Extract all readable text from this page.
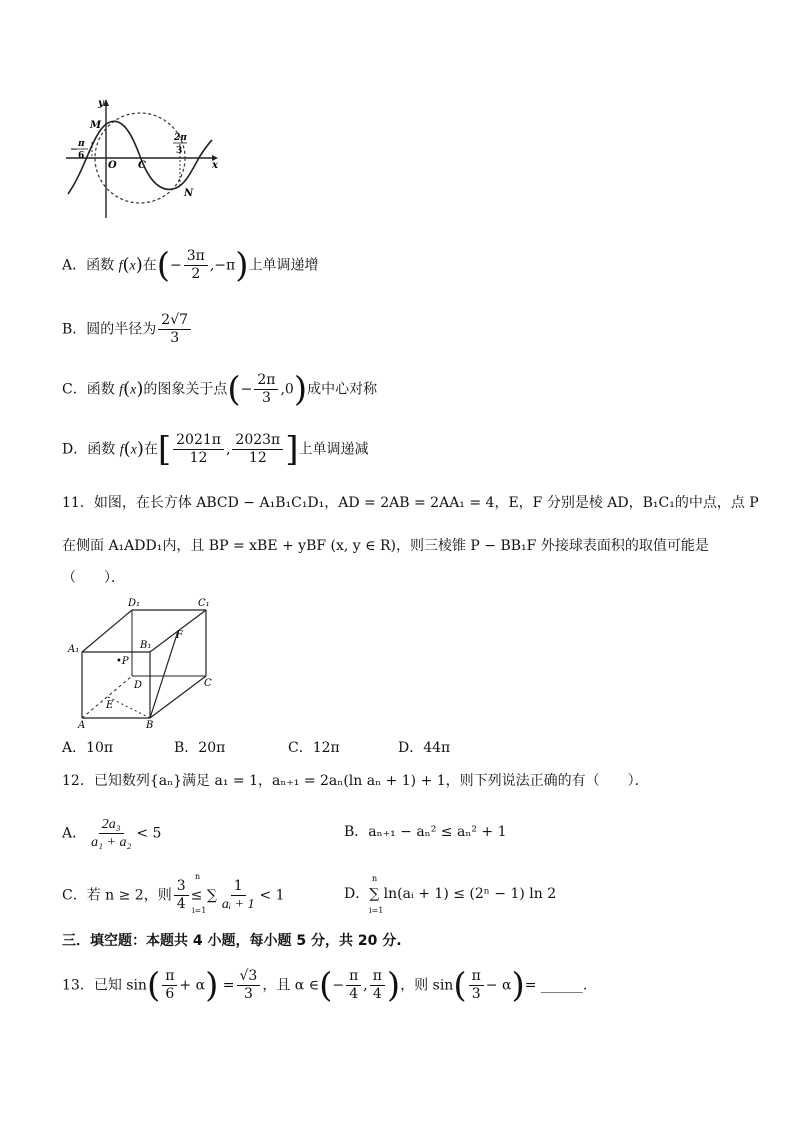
y
M
x
O C
N
−
π
6
2π
3
A．函数 f(x)在(− $\frac{3\pi}{2} ,-\pi$)上单调递增
B．圆的半径为 $\frac{2√7}{3}$
C．函数 f(x)的图象关于点(− $\frac{2\pi}{3} ,0$)成中心对称
D．函数 f(x)在[ $\frac{2021\pi}{12}$ , $\frac{2023\pi}{12}$ ]上单调递减
11．如图，在长方体 ABCD − A₁B₁C₁D₁，AD = 2AB = 2AA₁ = 4，E，F 分别是棱 AD，B₁C₁的中点，点 P
在侧面 A₁ADD₁内，且 BP = xBE + yBF (x, y ∈ R)，则三棱锥 P − BB₁F 外接球表面积的取值可能是
（　　）．
D₁	C₁
A₁	B₁
F
•P
D	C
E
A	B
A．10π	B．20π	C．12π	D．44π
12．已知数列{aₙ}满足 a₁ = 1，aₙ₊₁ = 2aₙ(ln aₙ + 1) + 1，则下列说法正确的有（　　）．
A． $\frac{\text{2a₃}}{\text{a₁ + a₂}} < 5$	B．aₙ₊₁ − aₙ² ≤ aₙ² + 1
C．若 n ≥ 2，则 $\frac{3}{4}$ ≤ ∑ $\frac{1}{\text{aᵢ + 1}} < 1$
n
i=1
D．∑ ln(aᵢ + 1) ≤ (2ⁿ − 1) ln 2
n
i=1
三．填空题：本题共 4 小题，每小题 5 分，共 20 分.
13．已知 $\sin( \frac{\pi}{6} + \alpha) = \frac{√3}{3}$ ，且 α ∈(− $\frac{\pi}{4}$ , $\frac{\pi}{4}$ )，则 $\sin( \frac{\pi}{3} - \alpha)=$ ______.
